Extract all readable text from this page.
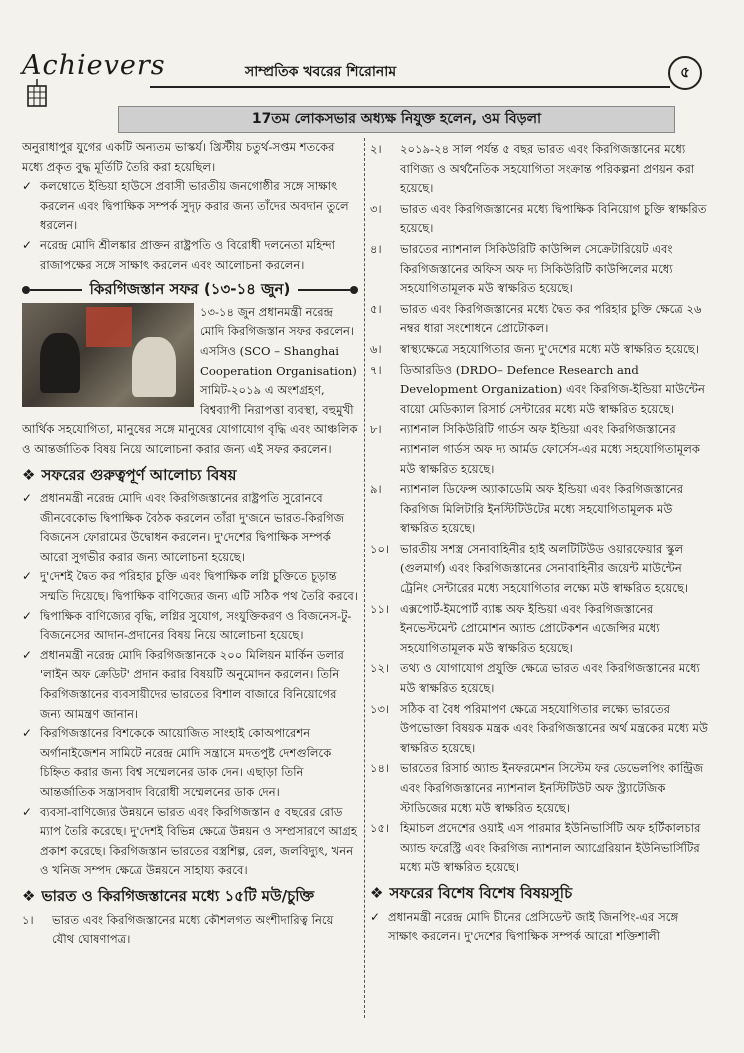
Achievers	সাম্প্রতিক খবরের শিরোনাম	৫
17তম লোকসভার অধ্যক্ষ নিযুক্ত হলেন, ওম বিড়লা

অনুরাধাপুর যুগের একটি অন্যতম ভাস্কর্য। খ্রিস্টীয় চতুর্থ-সপ্তম শতকের মধ্যে প্রকৃত বুদ্ধ মূর্তিটি তৈরি করা হয়েছিল।

✓ কলম্বোতে ইন্ডিয়া হাউসে প্রবাসী ভারতীয় জনগোষ্ঠীর সঙ্গে সাক্ষাৎ করলেন এবং দ্বিপাক্ষিক সম্পর্ক সুদৃঢ় করার জন্য তাঁদের অবদান তুলে ধরলেন।
✓ নরেন্দ্র মোদি শ্রীলঙ্কার প্রাক্তন রাষ্ট্রপতি ও বিরোধী দলনেতা মহিন্দা রাজাপক্ষের সঙ্গে সাক্ষাৎ করলেন এবং আলোচনা করলেন।
কিরগিজস্তান সফর (১৩-১৪ জুন)

১৩-১৪ জুন প্রধানমন্ত্রী নরেন্দ্র মোদি কিরগিজস্তান সফর করলেন। এসসিও (SCO – Shanghai Cooperation Organisation) সামিট-২০১৯ এ অংশগ্রহণ, বিশ্বব্যাপী নিরাপত্তা ব্যবস্থা, বহুমুখী আর্থিক সহযোগিতা, মানুষের সঙ্গে মানুষের যোগাযোগ বৃদ্ধি এবং আঞ্চলিক ও আন্তর্জাতিক বিষয় নিয়ে আলোচনা করার জন্য এই সফর করলেন।

❖ সফরের গুরুত্বপূর্ণ আলোচ্য বিষয়
✓ প্রধানমন্ত্রী নরেন্দ্র মোদি এবং কিরগিজস্তানের রাষ্ট্রপতি সুরোনবে জীনবেকোভ দ্বিপাক্ষিক বৈঠক করলেন তাঁরা দু'জনে ভারত-কিরগিজ বিজনেস ফোরামের উদ্বোধন করলেন। দু'দেশের দ্বিপাক্ষিক সম্পর্ক আরো সুগভীর করার জন্য আলোচনা হয়েছে।
✓ দু'দেশই দ্বৈত কর পরিহার চুক্তি এবং দ্বিপাক্ষিক লগ্নি চুক্তিতে চূড়ান্ত সম্মতি দিয়েছে। দ্বিপাক্ষিক বাণিজ্যের জন্য এটি সঠিক পথ তৈরি করবে।
✓ দ্বিপাক্ষিক বাণিজ্যের বৃদ্ধি, লগ্নির সুযোগ, সংযুক্তিকরণ ও বিজনেস-টু-বিজনেসের আদান-প্রদানের বিষয় নিয়ে আলোচনা হয়েছে।
✓ প্রধানমন্ত্রী নরেন্দ্র মোদি কিরগিজস্তানকে ২০০ মিলিয়ন মার্কিন ডলার 'লাইন অফ ক্রেডিট' প্রদান করার বিষয়টি অনুমোদন করলেন। তিনি কিরগিজস্তানের ব্যবসায়ীদের ভারতের বিশাল বাজারে বিনিয়োগের জন্য আমন্ত্রণ জানান।
✓ কিরগিজস্তানের বিশকেকে আয়োজিত সাংহাই কোঅপারেশন অর্গানাইজেশন সামিটে নরেন্দ্র মোদি সন্ত্রাসে মদতপুষ্ট দেশগুলিকে চিহ্নিত করার জন্য বিশ্ব সম্মেলনের ডাক দেন। এছাড়া তিনি আন্তর্জাতিক সন্ত্রাসবাদ বিরোধী সম্মেলনের ডাক দেন।
✓ ব্যবসা-বাণিজ্যের উন্নয়নে ভারত এবং কিরগিজস্তান ৫ বছরের রোড ম্যাপ তৈরি করেছে। দু'দেশই বিভিন্ন ক্ষেত্রে উন্নয়ন ও সম্প্রসারণে আগ্রহ প্রকাশ করেছে। কিরগিজস্তান ভারতের বস্ত্রশিল্প, রেল, জলবিদ্যুৎ, খনন ও খনিজ সম্পদ ক্ষেত্রে উন্নয়নে সাহায্য করবে।
❖ ভারত ও কিরগিজস্তানের মধ্যে ১৫টি মউ/চুক্তি
১। ভারত এবং কিরগিজস্তানের মধ্যে কৌশলগত অংশীদারিত্ব নিয়ে যৌথ ঘোষণাপত্র।
২। ২০১৯-২৪ সাল পর্যন্ত ৫ বছর ভারত এবং কিরগিজস্তানের মধ্যে বাণিজ্য ও অর্থনৈতিক সহযোগিতা সংক্রান্ত পরিকল্পনা প্রণয়ন করা হয়েছে।
৩। ভারত এবং কিরগিজস্তানের মধ্যে দ্বিপাক্ষিক বিনিয়োগ চুক্তি স্বাক্ষরিত হয়েছে।
৪। ভারতের ন্যাশনাল সিকিউরিটি কাউন্সিল সেক্রেটারিয়েট এবং কিরগিজস্তানের অফিস অফ দ্য সিকিউরিটি কাউন্সিলের মধ্যে সহযোগিতামূলক মউ স্বাক্ষরিত হয়েছে।
৫। ভারত এবং কিরগিজস্তানের মধ্যে দ্বৈত কর পরিহার চুক্তি ক্ষেত্রে ২৬ নম্বর ধারা সংশোধনে প্রোটোকল।
৬। স্বাস্থ্যক্ষেত্রে সহযোগিতার জন্য দু'দেশের মধ্যে মউ স্বাক্ষরিত হয়েছে।
৭। ডিআরডিও (DRDO– Defence Research and Development Organization) এবং কিরগিজ-ইন্ডিয়া মাউন্টেন বায়ো মেডিক্যাল রিসার্চ সেন্টারের মধ্যে মউ স্বাক্ষরিত হয়েছে।
৮। ন্যাশনাল সিকিউরিটি গার্ডস অফ ইন্ডিয়া এবং কিরগিজস্তানের ন্যাশনাল গার্ডস অফ দ্য আর্মড ফোর্সেস-এর মধ্যে সহযোগিতামূলক মউ স্বাক্ষরিত হয়েছে।
৯। ন্যাশনাল ডিফেন্স অ্যাকাডেমি অফ ইন্ডিয়া এবং কিরগিজস্তানের কিরগিজ মিলিটারি ইনস্টিটিউটের মধ্যে সহযোগিতামূলক মউ স্বাক্ষরিত হয়েছে।
১০। ভারতীয় সশস্ত্র সেনাবাহিনীর হাই অলটিটিউড ওয়ারফেয়ার স্কুল (গুলমার্গ) এবং কিরগিজস্তানের সেনাবাহিনীর জয়েন্ট মাউন্টেন ট্রেনিং সেন্টারের মধ্যে সহযোগিতার লক্ষ্যে মউ স্বাক্ষরিত হয়েছে।
১১। এক্সপোর্ট-ইমপোর্ট ব্যাঙ্ক অফ ইন্ডিয়া এবং কিরগিজস্তানের ইনভেস্টমেন্ট প্রোমোশন অ্যান্ড প্রোটেকশন এজেন্সির মধ্যে সহযোগিতামূলক মউ স্বাক্ষরিত হয়েছে।
১২। তথ্য ও যোগাযোগ প্রযুক্তি ক্ষেত্রে ভারত এবং কিরগিজস্তানের মধ্যে মউ স্বাক্ষরিত হয়েছে।
১৩। সঠিক বা বৈধ পরিমাপণ ক্ষেত্রে সহযোগিতার লক্ষ্যে ভারতের উপভোক্তা বিষয়ক মন্ত্রক এবং কিরগিজস্তানের অর্থ মন্ত্রকের মধ্যে মউ স্বাক্ষরিত হয়েছে।
১৪। ভারতের রিসার্চ অ্যান্ড ইনফরমেশন সিস্টেম ফর ডেভেলপিং কান্ট্রিজ এবং কিরগিজস্তানের ন্যাশনাল ইনস্টিটিউট অফ স্ট্র্যাটেজিক স্টাডিজের মধ্যে মউ স্বাক্ষরিত হয়েছে।
১৫। হিমাচল প্রদেশের ওয়াই এস পারমার ইউনিভার্সিটি অফ হর্টিকালচার অ্যান্ড ফরেস্ট্রি এবং কিরগিজ ন্যাশনাল অ্যাগ্রেরিয়ান ইউনিভার্সিটির মধ্যে মউ স্বাক্ষরিত হয়েছে।
❖ সফরের বিশেষ বিশেষ বিষয়সূচি
✓ প্রধানমন্ত্রী নরেন্দ্র মোদি চীনের প্রেসিডেন্ট জাই জিনপিং-এর সঙ্গে সাক্ষাৎ করলেন। দু'দেশের দ্বিপাক্ষিক সম্পর্ক আরো শক্তিশালী
